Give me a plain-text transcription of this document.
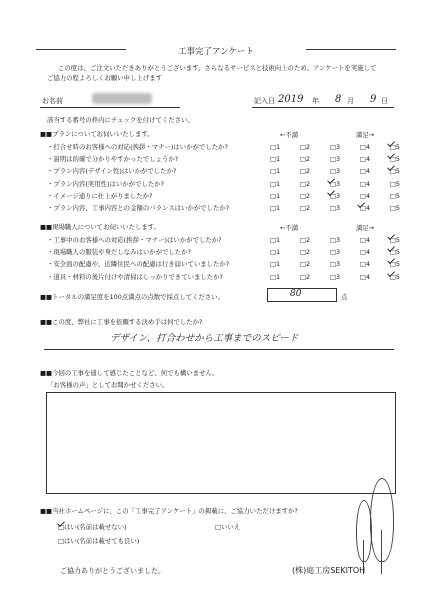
工事完了アンケート
この度は、ご注文いただきありがとうございます。さらなるサービスと技術向上のため、アンケートを実施して
ご協力の程よろしくお願い申し上げます
お名前	記入日 2019 年 8 月 9 日
該当する番号の枠内にチェックを付けてください。
■■プランについてお伺いいたします。	←不満	満足→
・打合せ時のお客様への対応(挨拶・マナー)はいかがでしたか?	□1	□2	□3	□4	□5
・説明は的確で分かりやすかったでしょうか?	□1	□2	□3	□4	□5
・プラン内容(デザイン性)はいかがでしたか?	□1	□2	□3	□4	□5
・プラン内容(実用性)はいかがでしたか?	□1	□2	□3	□4	□5
・イメージ通りに仕上がりましたか?	□1	□2	□3	□4	□5
・プラン内容、工事内容との金額のバランスはいかがでしたか?	□1	□2	□3	□4	□5
■■現場職人についてお伺いいたします。	←不満	満足→
・工事中のお客様への対応(挨拶・マナー)はいかがでしたか?	□1	□2	□3	□4	□5
・現場職人の服装や身だしなみはいかがでしたか?	□1	□2	□3	□4	□5
・安全面の配慮や、近隣住民への配慮は行き届いていましたか?	□1	□2	□3	□4	□5
・道具・材料の後片付けや清掃はしっかりできていましたか?	□1	□2	□3	□4	□5
■■トータルの満足度を100点満点の点数で採点してください。	80	点
■■この度、弊社に工事を依頼する決め手は何でしたか?
デザイン、打合わせから工事までのスピード
■■今回の工事を通して感じたことなど、何でも構いません。
「お客様の声」としてお聞かせください。
■■当社ホームページに、この「工事完了アンケート」の掲載に、ご協力いただけますか?
□はい(名前は載せない)	□いいえ
□はい(名前は載せても良い)
ご協力ありがとうございました。	(株)庭工房SEKITOH
